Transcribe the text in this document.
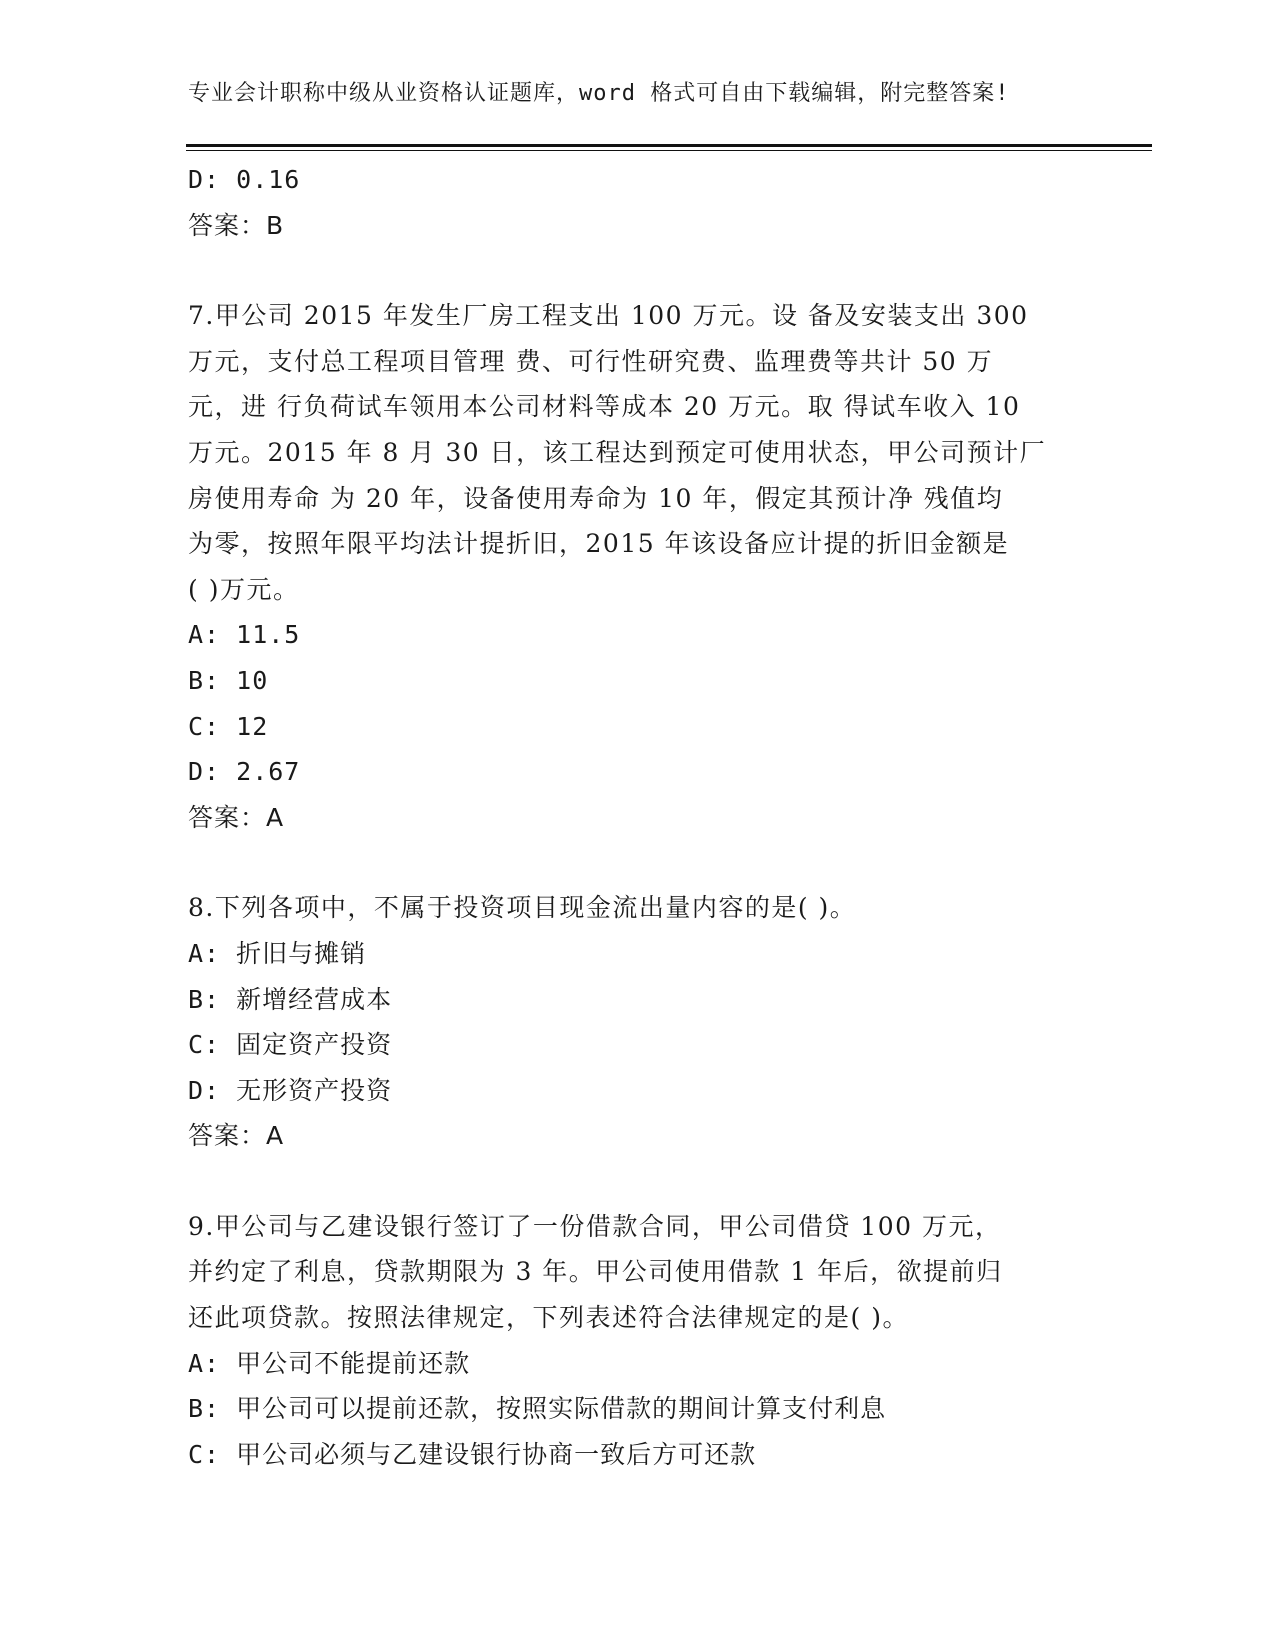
专业会计职称中级从业资格认证题库，word 格式可自由下载编辑，附完整答案!
D: 0.16
答案：B
7.甲公司 2015 年发生厂房工程支出 100 万元。设 备及安装支出 300
万元，支付总工程项目管理 费、可行性研究费、监理费等共计 50 万
元，进 行负荷试车领用本公司材料等成本 20 万元。取 得试车收入 10
万元。2015 年 8 月 30 日，该工程达到预定可使用状态，甲公司预计厂
房使用寿命 为 20 年，设备使用寿命为 10 年，假定其预计净 残值均
为零，按照年限平均法计提折旧，2015 年该设备应计提的折旧金额是
( )万元。
A: 11.5
B: 10
C: 12
D: 2.67
答案：A
8.下列各项中，不属于投资项目现金流出量内容的是( )。
A: 折旧与摊销
B: 新增经营成本
C: 固定资产投资
D: 无形资产投资
答案：A
9.甲公司与乙建设银行签订了一份借款合同，甲公司借贷 100 万元，
并约定了利息，贷款期限为 3 年。甲公司使用借款 1 年后，欲提前归
还此项贷款。按照法律规定，下列表述符合法律规定的是( )。
A: 甲公司不能提前还款
B: 甲公司可以提前还款，按照实际借款的期间计算支付利息
C: 甲公司必须与乙建设银行协商一致后方可还款
